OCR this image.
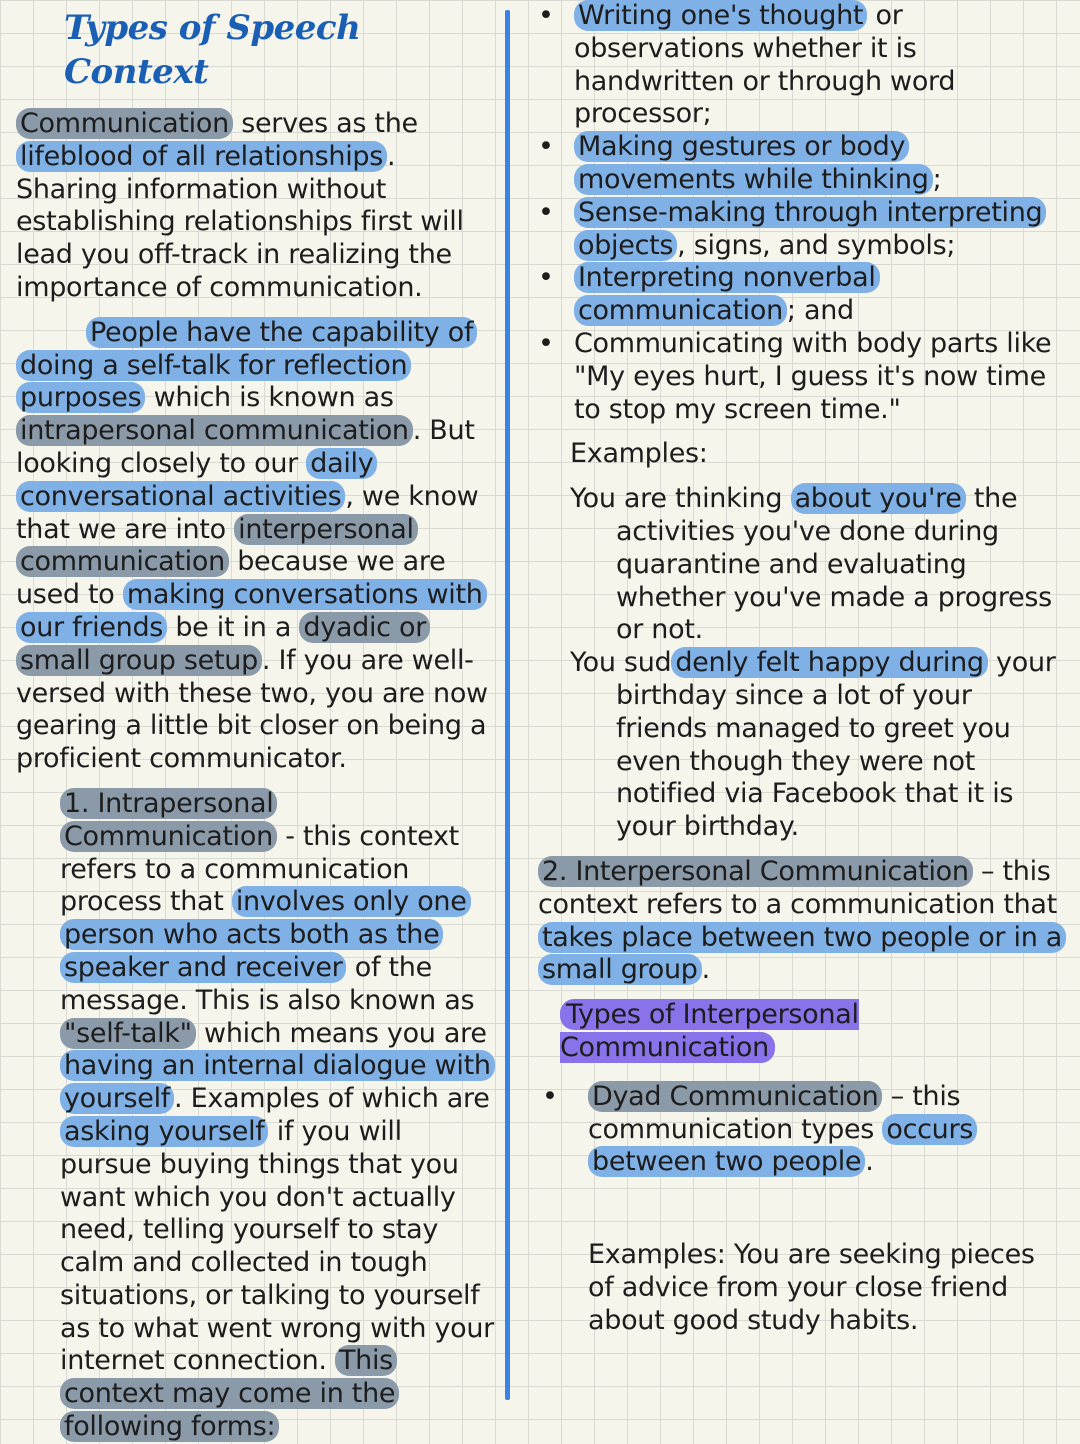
Types of Speech Context

Communication serves as the lifeblood of all relationships . Sharing information without establishing relationships first will lead you off-track in realizing the importance of communication.

People have the capability of doing a self-talk for reflection purposes which is known as intrapersonal communication . But looking closely to our daily conversational activities , we know that we are into interpersonal communication because we are used to making conversations with our friends be it in a dyadic or small group setup . If you are well-versed with these two, you are now gearing a little bit closer on being a proficient communicator.

1. Intrapersonal Communication - this context refers to a communication process that involves only one person who acts both as the speaker and receiver of the message. This is also known as "self-talk" which means you are having an internal dialogue with yourself . Examples of which are asking yourself if you will pursue buying things that you want which you don't actually need, telling yourself to stay calm and collected in tough situations, or talking to yourself as to what went wrong with your internet connection. This context may come in the following forms:

• Writing one's thought or observations whether it is handwritten or through word processor;
• Making gestures or body movements while thinking ;
• Sense-making through interpreting objects , signs, and symbols;
• Interpreting nonverbal communication ; and
• Communicating with body parts like "My eyes hurt, I guess it's now time to stop my screen time."

Examples:

You are thinking about you're the activities you've done during quarantine and evaluating whether you've made a progress or not.

You sud denly felt happy during your birthday since a lot of your friends managed to greet you even though they were not notified via Facebook that it is your birthday.

2. Interpersonal Communication – this context refers to a communication that takes place between two people or in a small group .

Types of Interpersonal Communication

• Dyad Communication – this communication types occurs between two people .

Examples: You are seeking pieces of advice from your close friend about good study habits.
